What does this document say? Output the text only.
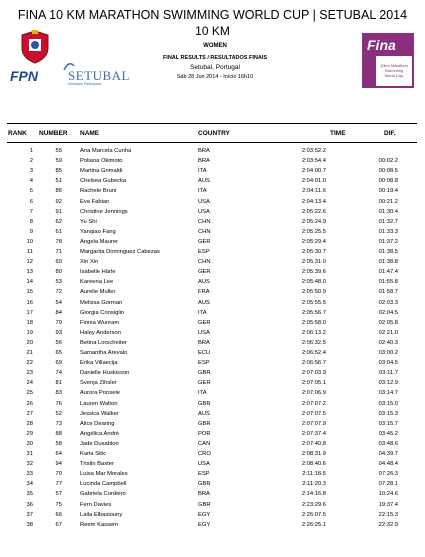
FINA 10 KM MARATHON SWIMMING WORLD CUP | SETUBAL 2014
10 KM
FPN SETUBAL
Município Participado
WOMEN
FINAL RESULTS / RESULTADOS FINAIS
Setubal, Portugal
Sáb 28 Jun 2014 - Início 16h10
Fina
10km Marathon
Swimming
World Cup
RANK NUMBER NAME	COUNTRY	TIME	DIF.
1	55	Ana Marcela Cunha	BRA	2:03:52.2
2	59	Poliana Okimoto	BRA	2:03:54.4	00:02.2
3	85	Martina Grimaldi	ITA	2:04:00.7	00:08.5
4	51	Chelsea Gubecka	AUS	2:04:01.0	00:08.8
5	86	Rachele Bruni	ITA	2:04:11.6	00:19.4
6	92	Eva Fabian	USA	2:04:13.4	00:21.2
7	91	Christine Jennings	USA	2:05:22.6	01:30.4
8	62	Yu Shi	CHN	2:05:24.9	01:32.7
9	61	Yanqiao Fang	CHN	2:05:25.5	01:33.3
10	78	Angela Maurer	GER	2:05:29.4	01:37.2
11	71	Margarita Dominguez Cabezas	ESP	2:05:30.7	01:38.5
12	60	Xin Xin	CHN	2:05:31.0	01:38.8
13	80	Isabelle Härle	GER	2:05:39.6	01:47.4
14	53	Kareena Lee	AUS	2:05:48.0	01:55.8
15	72	Aurelie Muller	FRA	2:05:50.9	01:58.7
16	54	Melissa Gorman	AUS	2:05:55.5	02:03.3
17	84	Giorgia Consiglio	ITA	2:05:56.7	02:04.5
18	79	Finnia Wunram	GER	2:05:58.0	02:05.8
19	93	Haley Anderson	USA	2:06:13.2	02:21.0
20	56	Betina Lorscheiter	BRA	2:06:32.5	02:40.3
21	65	Samantha Arevalo	ECU	2:06:52.4	03:00.2
22	69	Erika Villaecija	ESP	2:06:56.7	03:04.5
23	74	Danielle Huskisson	GBR	2:07:03.9	03:11.7
24	81	Svenja Zihsler	GER	2:07:05.1	03:12.9
25	83	Aurora Ponsele	ITA	2:07:06.9	03:14.7
26	76	Lauren Walton	GBR	2:07:07.2	03:15.0
27	52	Jessica Walker	AUS	2:07:07.5	03:15.3
28	73	Alice Dearing	GBR	2:07:07.9	03:15.7
29	88	Angélica André	POR	2:07:37.4	03:45.2
30	58	Jade Dusablon	CAN	2:07:40.8	03:48.6
31	64	Karla Sitic	CRO	2:08:31.9	04:39.7
32	94	Tristin Baxter	USA	2:08:40.6	04:48.4
33	70	Luisa Mar Morales	ESP	2:11:18.5	07:26.3
34	77	Lucinda Campbell	GBR	2:11:20.3	07:28.1
35	57	Gabriela Cordeiro	BRA	2:14:16.8	10:24.6
36	75	Fern Davies	GBR	2:23:29.6	19:37.4
37	66	Laila Elbasiouny	EGY	2:26:07.5	22:15.3
38	67	Reem Kassem	EGY	2:26:25.1	22:32.9
